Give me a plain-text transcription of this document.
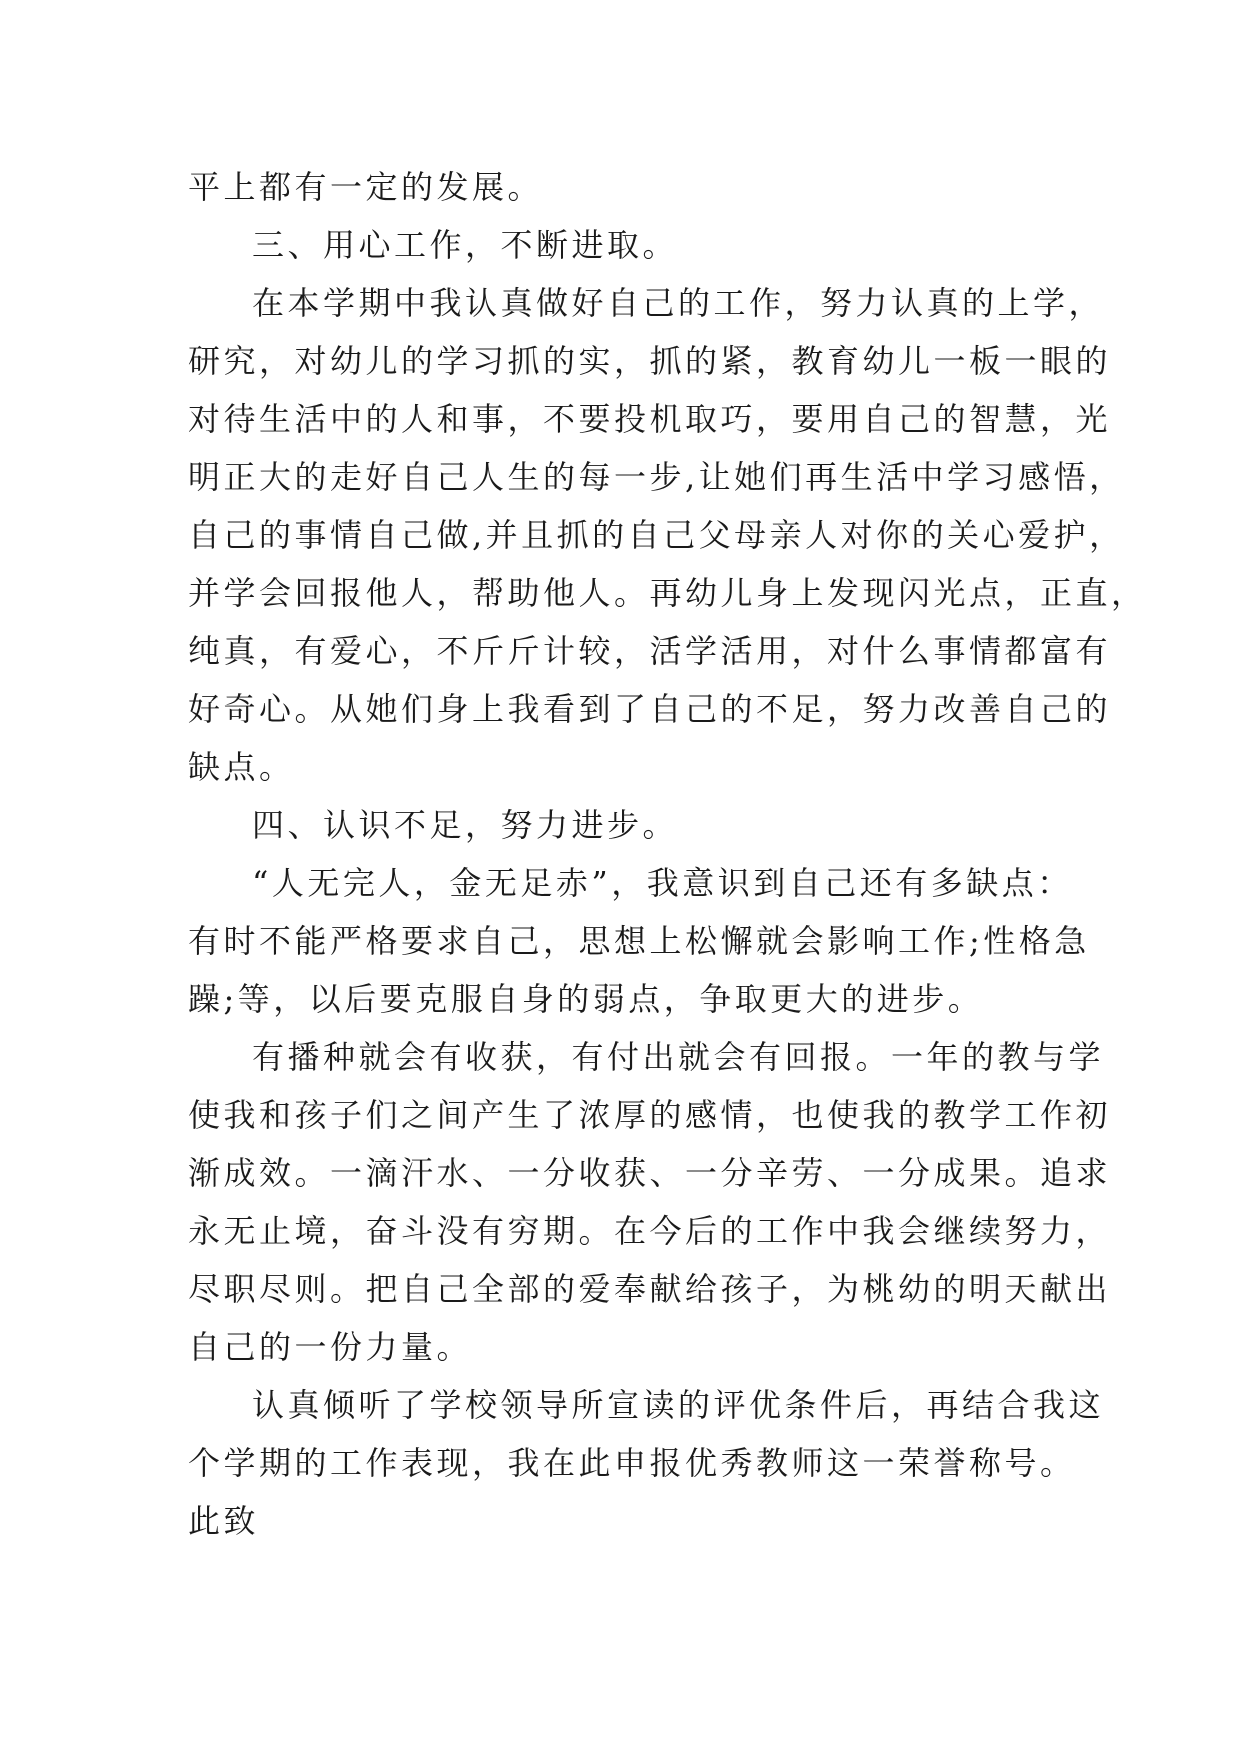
平上都有一定的发展。
三、用心工作，不断进取。
在本学期中我认真做好自己的工作，努力认真的上学，
研究，对幼儿的学习抓的实，抓的紧，教育幼儿一板一眼的
对待生活中的人和事，不要投机取巧，要用自己的智慧，光
明正大的走好自己人生的每一步,让她们再生活中学习感悟，
自己的事情自己做,并且抓的自己父母亲人对你的关心爱护，
并学会回报他人，帮助他人。再幼儿身上发现闪光点，正直，
纯真，有爱心，不斤斤计较，活学活用，对什么事情都富有
好奇心。从她们身上我看到了自己的不足，努力改善自己的
缺点。
四、认识不足，努力进步。
“人无完人，金无足赤”，我意识到自己还有多缺点：
有时不能严格要求自己，思想上松懈就会影响工作;性格急
躁;等，以后要克服自身的弱点，争取更大的进步。
有播种就会有收获，有付出就会有回报。一年的教与学
使我和孩子们之间产生了浓厚的感情，也使我的教学工作初
渐成效。一滴汗水、一分收获、一分辛劳、一分成果。追求
永无止境，奋斗没有穷期。在今后的工作中我会继续努力，
尽职尽则。把自己全部的爱奉献给孩子，为桃幼的明天献出
自己的一份力量。
认真倾听了学校领导所宣读的评优条件后，再结合我这
个学期的工作表现，我在此申报优秀教师这一荣誉称号。
此致
